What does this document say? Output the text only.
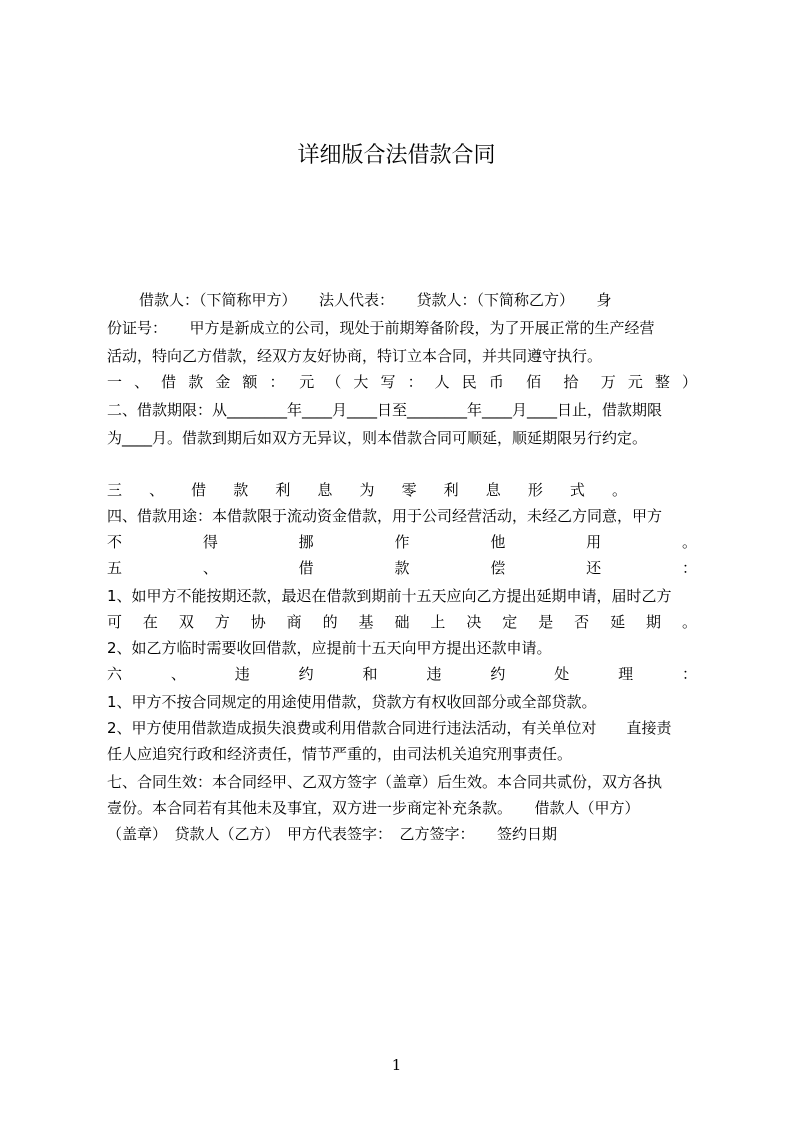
详细版合法借款合同
借款人：（下简称甲方）　　法人代表：　　贷款人：（下简称乙方）　　身
份证号：　　甲方是新成立的公司，现处于前期筹备阶段，为了开展正常的生产经营
活动，特向乙方借款，经双方友好协商，特订立本合同，并共同遵守执行。
一 、 借 款 金 额 ：　元 （ 大 写 ： 人 民 币　佰　拾　万 元 整 ）
二、借款期限：从________年____月____日至________年____月____日止，借款期限
为____月。借款到期后如双方无异议，则本借款合同可顺延，顺延期限另行约定。
三 、 借 款 利 息 为 零 利 息 形 式 。
四、借款用途：本借款限于流动资金借款，用于公司经营活动，未经乙方同意，甲方
不 得 挪 作 他 用 。
五 、 借 款 偿 还 ：
1、如甲方不能按期还款，最迟在借款到期前十五天应向乙方提出延期申请，届时乙方
可 在 双 方 协 商 的 基 础 上 决 定 是 否 延 期 。
2、如乙方临时需要收回借款，应提前十五天向甲方提出还款申请。
六 、 违 约 和 违 约 处 理 ：
1、甲方不按合同规定的用途使用借款，贷款方有权收回部分或全部贷款。
2、甲方使用借款造成损失浪费或利用借款合同进行违法活动，有关单位对　　直接责
任人应追究行政和经济责任，情节严重的，由司法机关追究刑事责任。
七、合同生效：本合同经甲、乙双方签字（盖章）后生效。本合同共贰份，双方各执
壹份。本合同若有其他未及事宜，双方进一步商定补充条款。　　借款人（甲方）
（盖章）　贷款人（乙方）　甲方代表签字：　乙方签字：　　签约日期
1
